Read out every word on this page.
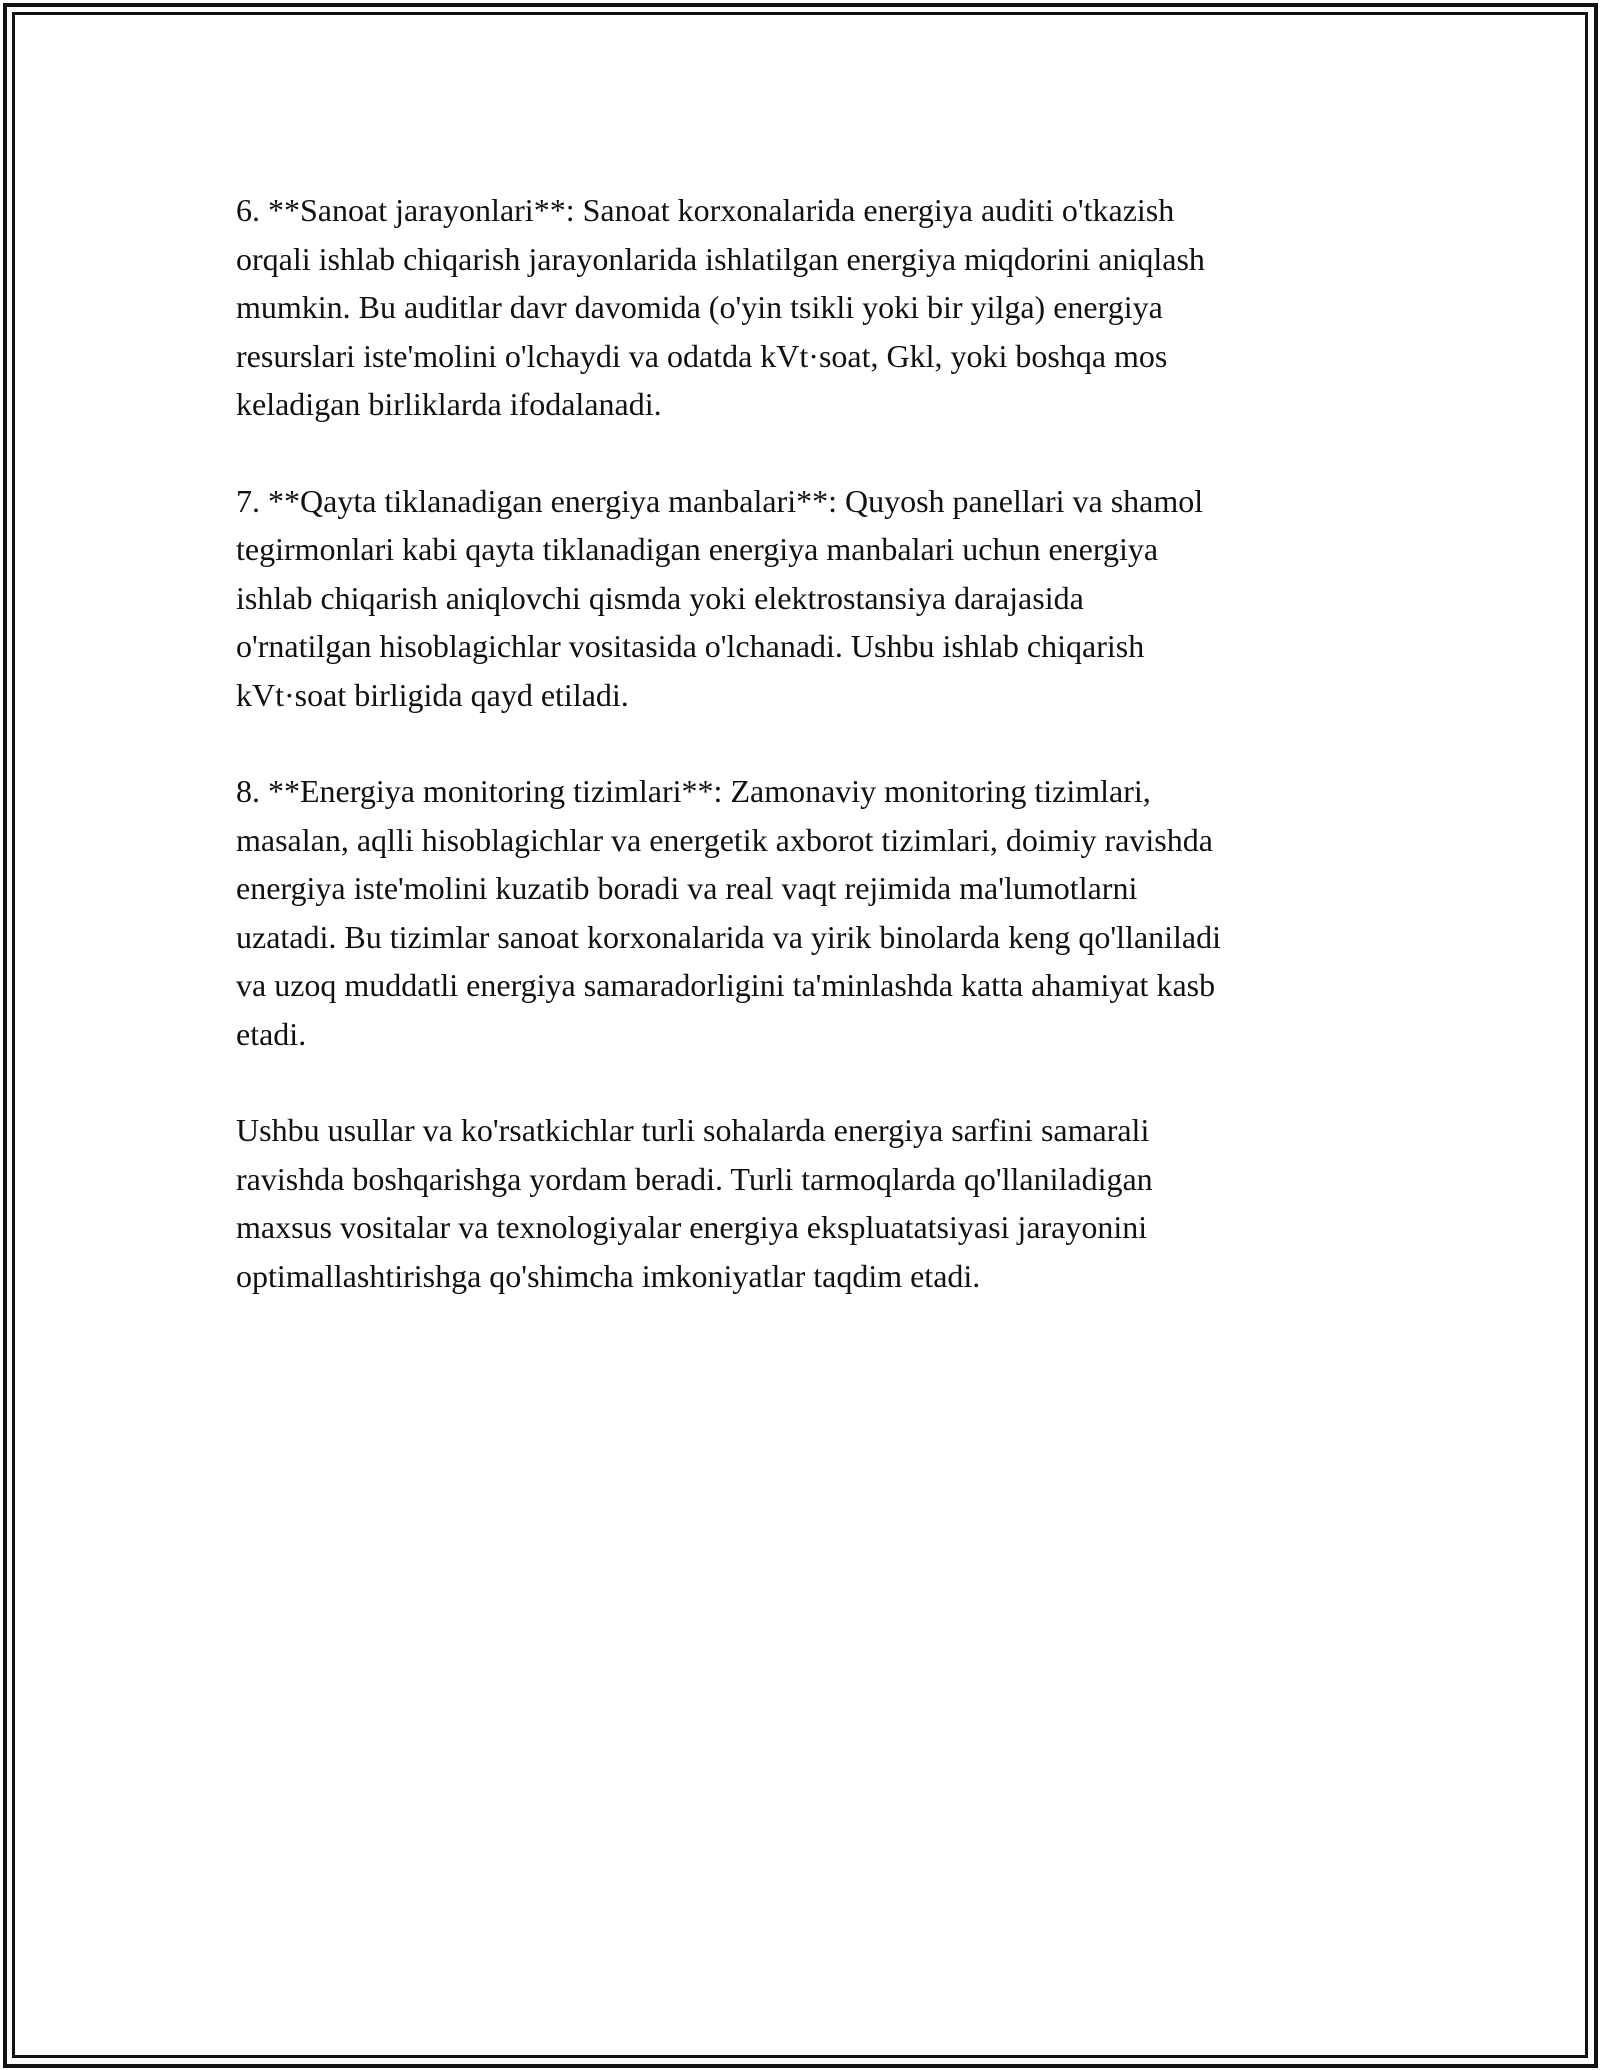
6. **Sanoat jarayonlari**: Sanoat korxonalarida energiya auditi o'tkazish
orqali ishlab chiqarish jarayonlarida ishlatilgan energiya miqdorini aniqlash
mumkin. Bu auditlar davr davomida (o'yin tsikli yoki bir yilga) energiya
resurslari iste'molini o'lchaydi va odatda kVt·soat, Gkl, yoki boshqa mos
keladigan birliklarda ifodalanadi.

7. **Qayta tiklanadigan energiya manbalari**: Quyosh panellari va shamol
tegirmonlari kabi qayta tiklanadigan energiya manbalari uchun energiya
ishlab chiqarish aniqlovchi qismda yoki elektrostansiya darajasida
o'rnatilgan hisoblagichlar vositasida o'lchanadi. Ushbu ishlab chiqarish
kVt·soat birligida qayd etiladi.

8. **Energiya monitoring tizimlari**: Zamonaviy monitoring tizimlari,
masalan, aqlli hisoblagichlar va energetik axborot tizimlari, doimiy ravishda
energiya iste'molini kuzatib boradi va real vaqt rejimida ma'lumotlarni
uzatadi. Bu tizimlar sanoat korxonalarida va yirik binolarda keng qo'llaniladi
va uzoq muddatli energiya samaradorligini ta'minlashda katta ahamiyat kasb
etadi.

Ushbu usullar va ko'rsatkichlar turli sohalarda energiya sarfini samarali
ravishda boshqarishga yordam beradi. Turli tarmoqlarda qo'llaniladigan
maxsus vositalar va texnologiyalar energiya ekspluatatsiyasi jarayonini
optimallashtirishga qo'shimcha imkoniyatlar taqdim etadi.
